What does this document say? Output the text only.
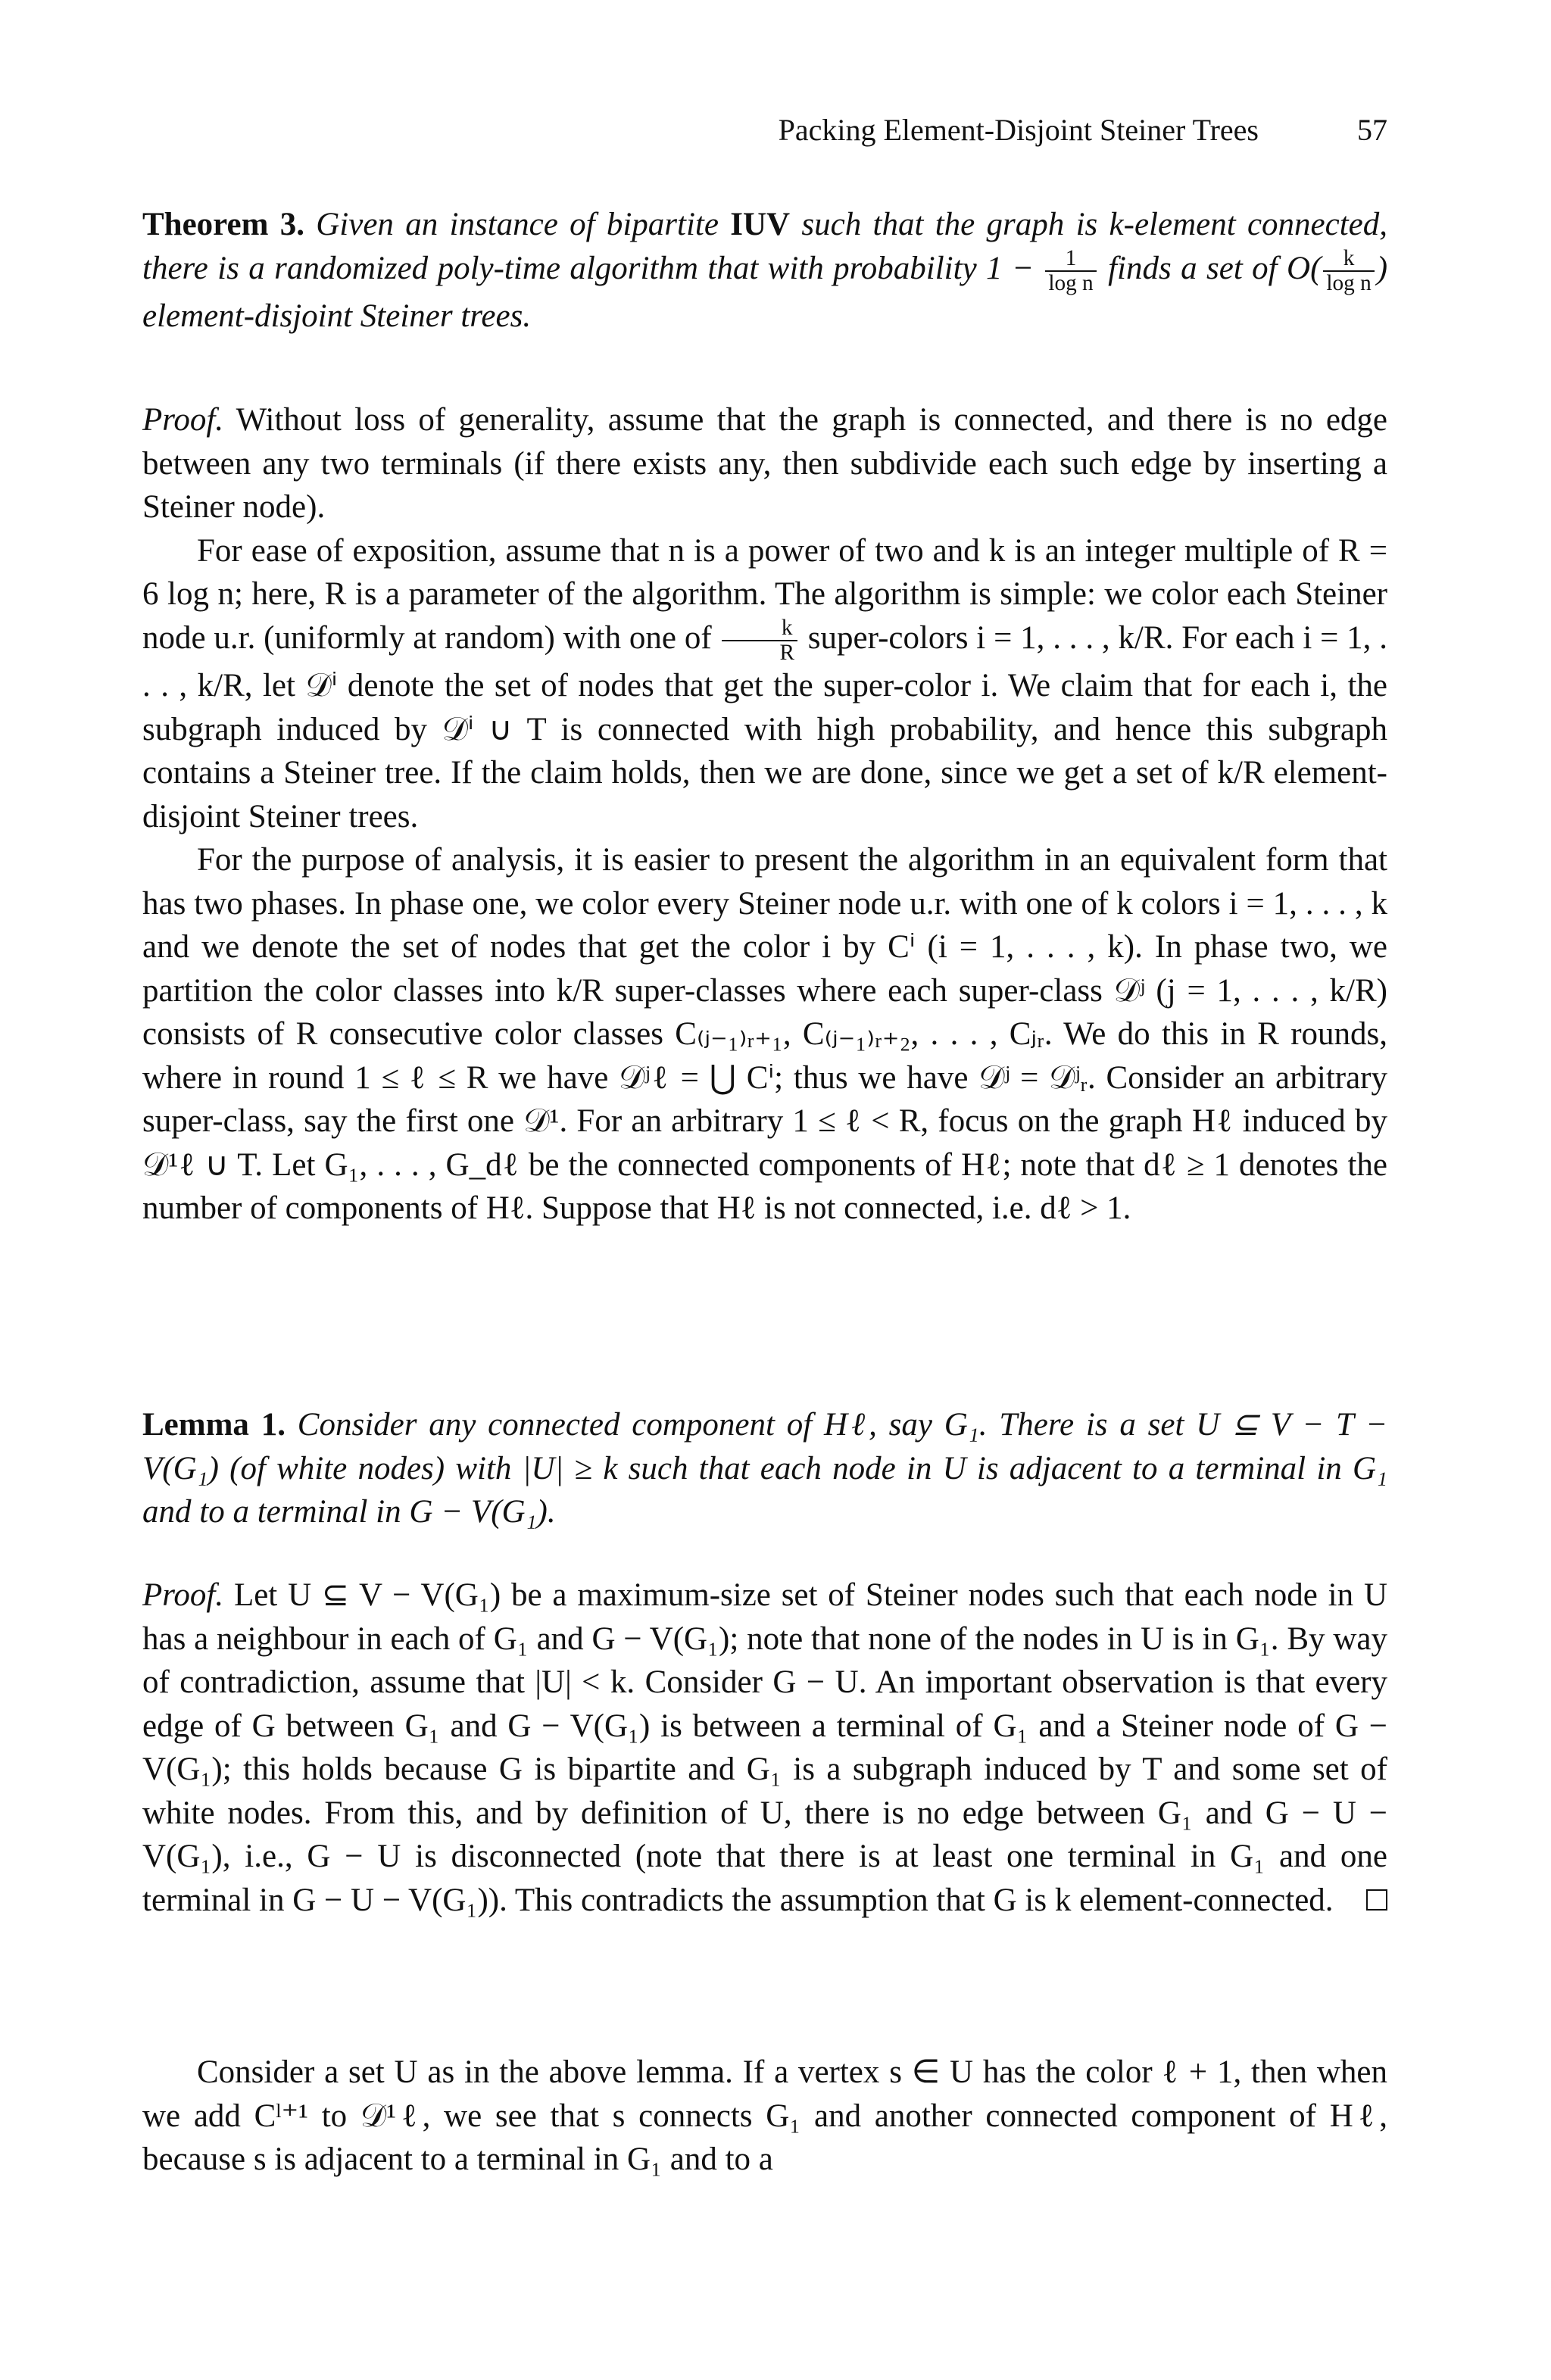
Packing Element-Disjoint Steiner Trees	57
Theorem 3. Given an instance of bipartite IUV such that the graph is k-element connected, there is a randomized poly-time algorithm that with probability $1 - \frac{1}{\text{log n}}$ finds a set of $O( \frac{k}{\text{log n}}$ ) element-disjoint Steiner trees.

Proof. Without loss of generality, assume that the graph is connected, and there is no edge between any two terminals (if there exists any, then subdivide each such edge by inserting a Steiner node).

For ease of exposition, assume that n is a power of two and k is an integer multiple of R = 6 log n; here, R is a parameter of the algorithm. The algorithm is simple: we color each Steiner node u.r. (uniformly at random) with one of $\frac{k}{R}$ super-colors i = 1, . . . , k/R. For each i = 1, . . . , k/R, let 𝒟ⁱ denote the set of nodes that get the super-color i. We claim that for each i, the subgraph induced by 𝒟ⁱ ∪ T is connected with high probability, and hence this subgraph contains a Steiner tree. If the claim holds, then we are done, since we get a set of k/R element-disjoint Steiner trees.

For the purpose of analysis, it is easier to present the algorithm in an equivalent form that has two phases. In phase one, we color every Steiner node u.r. with one of k colors i = 1, . . . , k and we denote the set of nodes that get the color i by Cⁱ (i = 1, . . . , k). In phase two, we partition the color classes into k/R super-classes where each super-class 𝒟ʲ (j = 1, . . . , k/R) consists of R consecutive color classes C₍ⱼ₋₁₎ᵣ₊₁, C₍ⱼ₋₁₎ᵣ₊₂, . . . , Cⱼᵣ. We do this in R rounds, where in round 1 ≤ ℓ ≤ R we have 𝒟ʲℓ = ⋃ Cⁱ; thus we have 𝒟ʲ = 𝒟ʲᵣ. Consider an arbitrary super-class, say the first one 𝒟¹. For an arbitrary 1 ≤ ℓ < R, focus on the graph Hℓ induced by 𝒟¹ℓ ∪ T. Let G₁, . . . , G_dℓ be the connected components of Hℓ; note that dℓ ≥ 1 denotes the number of components of Hℓ. Suppose that Hℓ is not connected, i.e. dℓ > 1.

Lemma 1. Consider any connected component of Hℓ, say G₁. There is a set U ⊆ V − T − V(G₁) (of white nodes) with |U| ≥ k such that each node in U is adjacent to a terminal in G₁ and to a terminal in G − V(G₁).
Proof. Let U ⊆ V − V(G₁) be a maximum-size set of Steiner nodes such that each node in U has a neighbour in each of G₁ and G − V(G₁); note that none of the nodes in U is in G₁. By way of contradiction, assume that |U| < k. Consider G − U. An important observation is that every edge of G between G₁ and G − V(G₁) is between a terminal of G₁ and a Steiner node of G − V(G₁); this holds because G is bipartite and G₁ is a subgraph induced by T and some set of white nodes. From this, and by definition of U, there is no edge between G₁ and G − U − V(G₁), i.e., G − U is disconnected (note that there is at least one terminal in G₁ and one terminal in G − U − V(G₁)). This contradicts the assumption that G is k element-connected.

Consider a set U as in the above lemma. If a vertex s ∈ U has the color ℓ + 1, then when we add Cˡ⁺¹ to 𝒟¹ℓ, we see that s connects G₁ and another connected component of Hℓ, because s is adjacent to a terminal in G₁ and to a
